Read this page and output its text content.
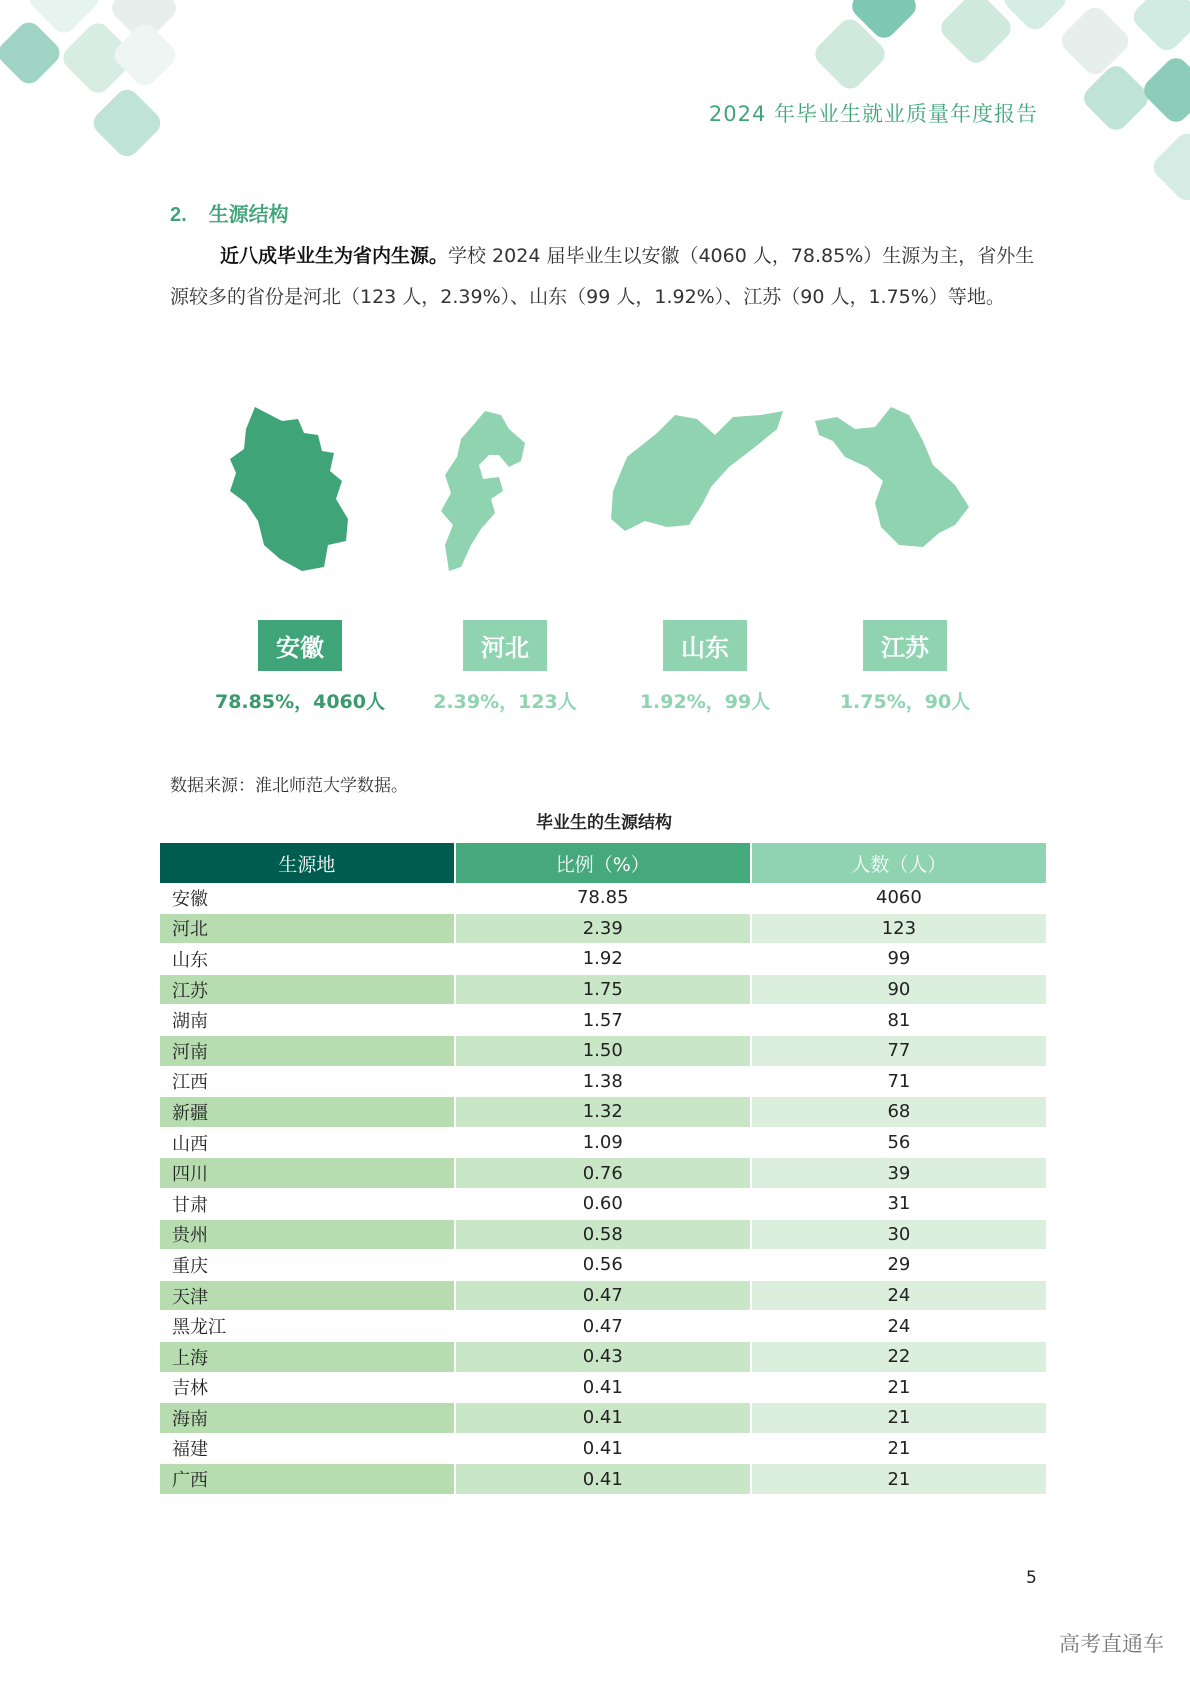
2024 年毕业生就业质量年度报告
2. 生源结构
近八成毕业生为省内生源。学校 2024 届毕业生以安徽（4060 人，78.85%）生源为主，省外生源较多的省份是河北（123 人，2.39%）、山东（99 人，1.92%）、江苏（90 人，1.75%）等地。
安徽
78.85%，4060人
河北
2.39%，123人
山东
1.92%，99人
江苏
1.75%，90人
数据来源：淮北师范大学数据。
毕业生的生源结构
生源地	比例（%）	人数（人）
安徽	78.85	4060
河北	2.39	123
山东	1.92	99
江苏	1.75	90
湖南	1.57	81
河南	1.50	77
江西	1.38	71
新疆	1.32	68
山西	1.09	56
四川	0.76	39
甘肃	0.60	31
贵州	0.58	30
重庆	0.56	29
天津	0.47	24
黑龙江	0.47	24
上海	0.43	22
吉林	0.41	21
海南	0.41	21
福建	0.41	21
广西	0.41	21
5
高考直通车
